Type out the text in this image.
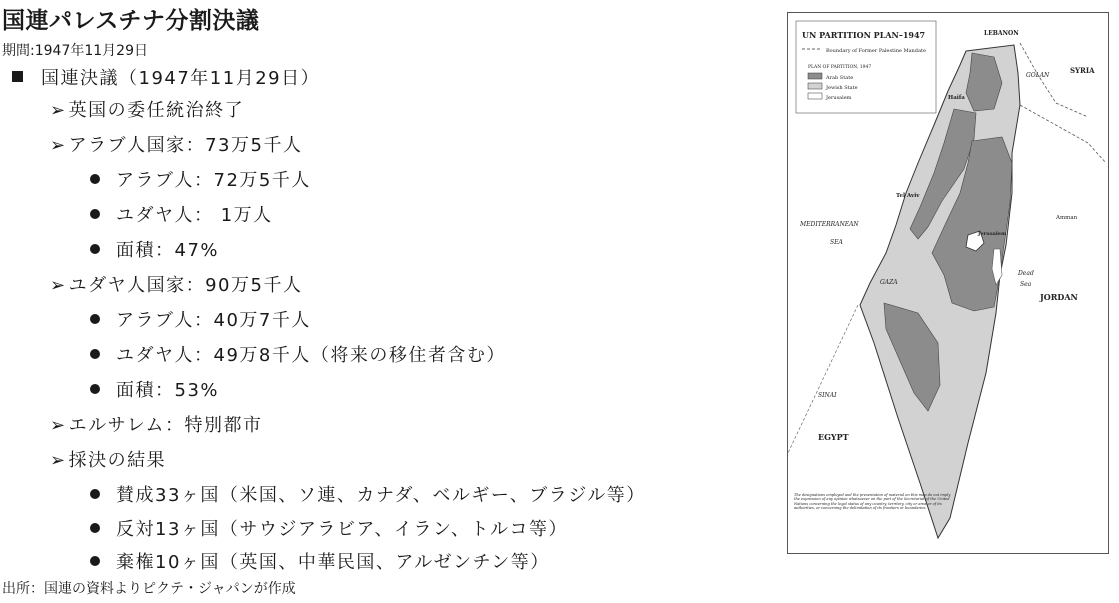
国連パレスチナ分割決議
期間:1947年11月29日
国連決議（1947年11月29日）
➢ 英国の委任統治終了
➢ アラブ人国家：73万5千人
アラブ人：72万5千人
ユダヤ人： 1万人
面積：47%
➢ ユダヤ人国家：90万5千人
アラブ人：40万7千人
ユダヤ人：49万8千人（将来の移住者含む）
面積：53%
➢ エルサレム：特別都市
➢ 採決の結果
賛成33ヶ国（米国、ソ連、カナダ、ベルギー、ブラジル等）
反対13ヶ国（サウジアラビア、イラン、トルコ等）
棄権10ヶ国（英国、中華民国、アルゼンチン等）
出所：国連の資料よりピクテ・ジャパンが作成
UN PARTITION PLAN–1947
Boundary of Former Palestine Mandate
PLAN OF PARTITION, 1947
Arab State
Jewish State
Jerusalem
LEBANON
SYRIA
GOLAN
JORDAN
EGYPT
SINAI
MEDITERRANEAN
SEA
Dead
Sea
GAZA
Haifa
Tel Aviv
Jerusalem
Amman
The designations employed and the presentation of material on this map do not imply the expression of any opinion whatsoever on the part of the Secretariat of the United Nations concerning the legal status of any country, territory, city or area or of its authorities, or concerning the delimitation of its frontiers or boundaries.
